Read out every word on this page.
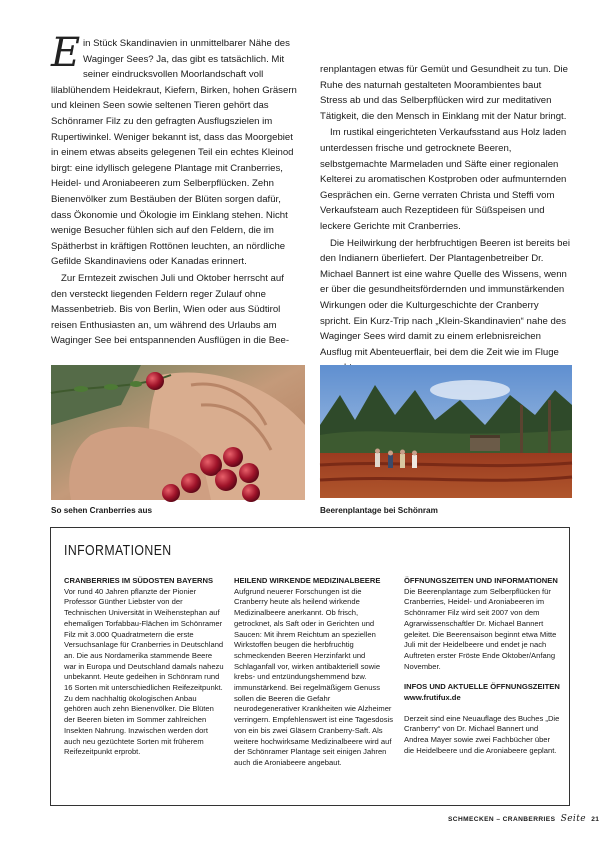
Ein Stück Skandinavien in unmittelbarer Nähe des Waginger Sees? Ja, das gibt es tatsächlich. Mit seiner eindrucksvollen Moorlandschaft voll lilablühendem Heidekraut, Kiefern, Birken, hohen Gräsern und kleinen Seen sowie seltenen Tieren gehört das Schönramer Filz zu den gefragten Ausflugszielen im Rupertiwinkel. Weniger bekannt ist, dass das Moorgebiet in einem etwas abseits gelegenen Teil ein echtes Kleinod birgt: eine idyllisch gelegene Plantage mit Cranberries, Heidel- und Aroniabeeren zum Selberpflücken. Zehn Bienenvölker zum Bestäuben der Blüten sorgen dafür, dass Ökonomie und Ökologie im Einklang stehen. Nicht wenige Besucher fühlen sich auf den Feldern, die im Spätherbst in kräftigen Rottönen leuchten, an nördliche Gefilde Skandinaviens oder Kanadas erinnert.

Zur Erntezeit zwischen Juli und Oktober herrscht auf den versteckt liegenden Feldern reger Zulauf ohne Massenbetrieb. Bis von Berlin, Wien oder aus Südtirol reisen Enthusiasten an, um während des Urlaubs am Waginger See bei entspannenden Ausflügen in die Bee-

renplantagen etwas für Gemüt und Gesundheit zu tun. Die Ruhe des naturnah gestalteten Moorambientes baut Stress ab und das Selberpflücken wird zur meditativen Tätigkeit, die den Mensch in Einklang mit der Natur bringt.

Im rustikal eingerichteten Verkaufsstand aus Holz laden unterdessen frische und getrocknete Beeren, selbstgemachte Marmeladen und Säfte einer regionalen Kelterei zu aromatischen Kostproben oder aufmunternden Gesprächen ein. Gerne verraten Christa und Steffi vom Verkaufsteam auch Rezeptideen für Süßspeisen und leckere Gerichte mit Cranberries.

Die Heilwirkung der herbfruchtigen Beeren ist bereits bei den Indianern überliefert. Der Plantagenbetreiber Dr. Michael Bannert ist eine wahre Quelle des Wissens, wenn er über die gesundheitsfördernden und immunstärkenden Wirkungen oder die Kulturgeschichte der Cranberry spricht. Ein Kurz-Trip nach „Klein-Skandinavien“ nahe des Waginger Sees wird damit zu einem erlebnisreichen Ausflug mit Abenteuerflair, bei dem die Zeit wie im Fluge

So sehen Cranberries aus	Beerenplantage bei Schönram
INFORMATIONEN
CRANBERRIES IM SÜDOSTEN BAYERNS
Vor rund 40 Jahren pflanzte der Pionier Professor Günther Liebster von der Technischen Universität in Weihenstephan auf ehemaligen Torfabbau-Flächen im Schönramer Filz mit 3.000 Quadratmetern die erste Versuchsanlage für Cranberries in Deutschland an. Die aus Nordamerika stammende Beere war in Europa und Deutschland damals nahezu unbekannt. Heute gedeihen in Schönram rund 16 Sorten mit unterschiedlichen Reifezeitpunkt. Zu dem nachhaltig ökologischen Anbau gehören auch zehn Bienenvölker. Die Blüten der Beeren bieten im Sommer zahlreichen Insekten Nahrung. Inzwischen werden dort auch neu gezüchtete Sorten mit früherem Reifezeitpunkt erprobt.
HEILEND WIRKENDE MEDIZINALBEERE
Aufgrund neuerer Forschungen ist die Cranberry heute als heilend wirkende Medizinalbeere anerkannt. Ob frisch, getrocknet, als Saft oder in Gerichten und Saucen: Mit ihrem Reichtum an speziellen Wirkstoffen beugen die herbfruchtig schmeckenden Beeren Herzinfarkt und Schlaganfall vor, wirken antibakteriell sowie krebs- und entzündungshemmend bzw. immunstärkend. Bei regelmäßigem Genuss sollen die Beeren die Gefahr neurodegenerativer Krankheiten wie Alzheimer verringern. Empfehlenswert ist eine Tagesdosis von ein bis zwei Gläsern Cranberry-Saft. Als weitere hochwirksame Medizinalbeere wird auf der Schönramer Plantage seit einigen Jahren auch die Aroniabeere angebaut.
ÖFFNUNGSZEITEN UND INFORMATIONEN
Die Beerenplantage zum Selberpflücken für Cranberries, Heidel- und Aroniabeeren im Schönramer Filz wird seit 2007 von dem Agrarwissenschaftler Dr. Michael Bannert geleitet. Die Beerensaison beginnt etwa Mitte Juli mit der Heidelbeere und endet je nach Auftreten erster Fröste Ende Oktober/Anfang November.
INFOS UND AKTUELLE ÖFFNUNGSZEITEN
www.frutifux.de
Derzeit sind eine Neuauflage des Buches „Die Cranberry“ von Dr. Michael Bannert und Andrea Mayer sowie zwei Fachbücher über die Heidelbeere und die Aroniabeere geplant.
SCHMECKEN – CRANBERRIES Seite 21
